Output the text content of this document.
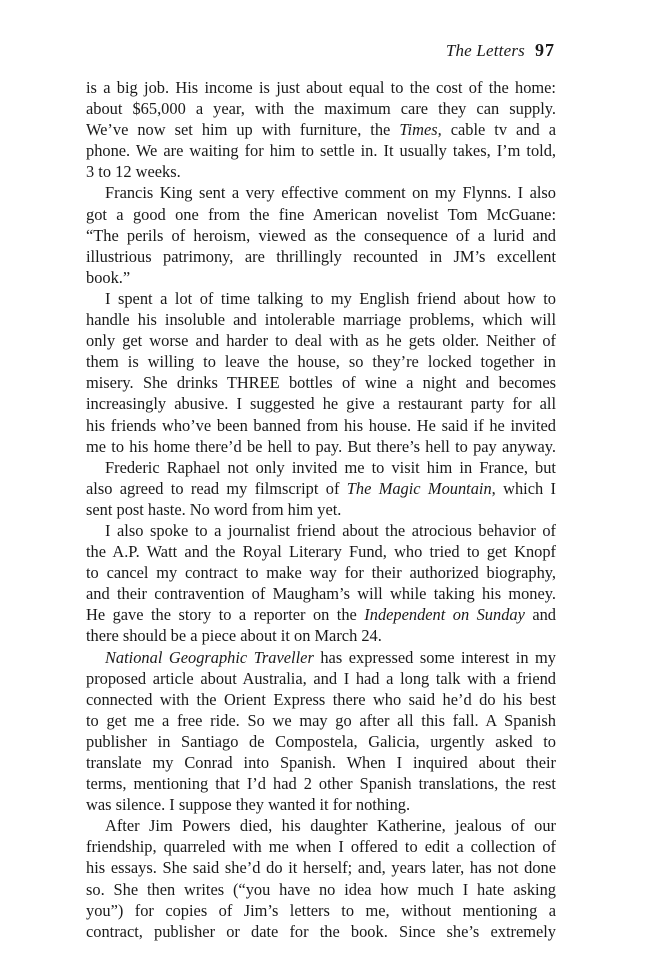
The Letters 97
is a big job. His income is just about equal to the cost of the home:
about $65,000 a year, with the maximum care they can supply.
We’ve now set him up with furniture, the Times, cable tv and a
phone. We are waiting for him to settle in. It usually takes, I’m told,
3 to 12 weeks.
Francis King sent a very effective comment on my Flynns. I also
got a good one from the fine American novelist Tom McGuane:
“The perils of heroism, viewed as the consequence of a lurid and
illustrious patrimony, are thrillingly recounted in JM’s excellent
book.”
I spent a lot of time talking to my English friend about how to
handle his insoluble and intolerable marriage problems, which will
only get worse and harder to deal with as he gets older. Neither of
them is willing to leave the house, so they’re locked together in
misery. She drinks THREE bottles of wine a night and becomes
increasingly abusive. I suggested he give a restaurant party for all
his friends who’ve been banned from his house. He said if he invited
me to his home there’d be hell to pay. But there’s hell to pay anyway.
Frederic Raphael not only invited me to visit him in France, but
also agreed to read my filmscript of The Magic Mountain, which I
sent post haste. No word from him yet.
I also spoke to a journalist friend about the atrocious behavior of
the A.P. Watt and the Royal Literary Fund, who tried to get Knopf
to cancel my contract to make way for their authorized biography,
and their contravention of Maugham’s will while taking his money.
He gave the story to a reporter on the Independent on Sunday and
there should be a piece about it on March 24.
National Geographic Traveller has expressed some interest in my
proposed article about Australia, and I had a long talk with a friend
connected with the Orient Express there who said he’d do his best
to get me a free ride. So we may go after all this fall. A Spanish
publisher in Santiago de Compostela, Galicia, urgently asked to
translate my Conrad into Spanish. When I inquired about their
terms, mentioning that I’d had 2 other Spanish translations, the rest
was silence. I suppose they wanted it for nothing.
After Jim Powers died, his daughter Katherine, jealous of our
friendship, quarreled with me when I offered to edit a collection of
his essays. She said she’d do it herself; and, years later, has not done
so. She then writes (“you have no idea how much I hate asking
you”) for copies of Jim’s letters to me, without mentioning a
contract, publisher or date for the book. Since she’s extremely
